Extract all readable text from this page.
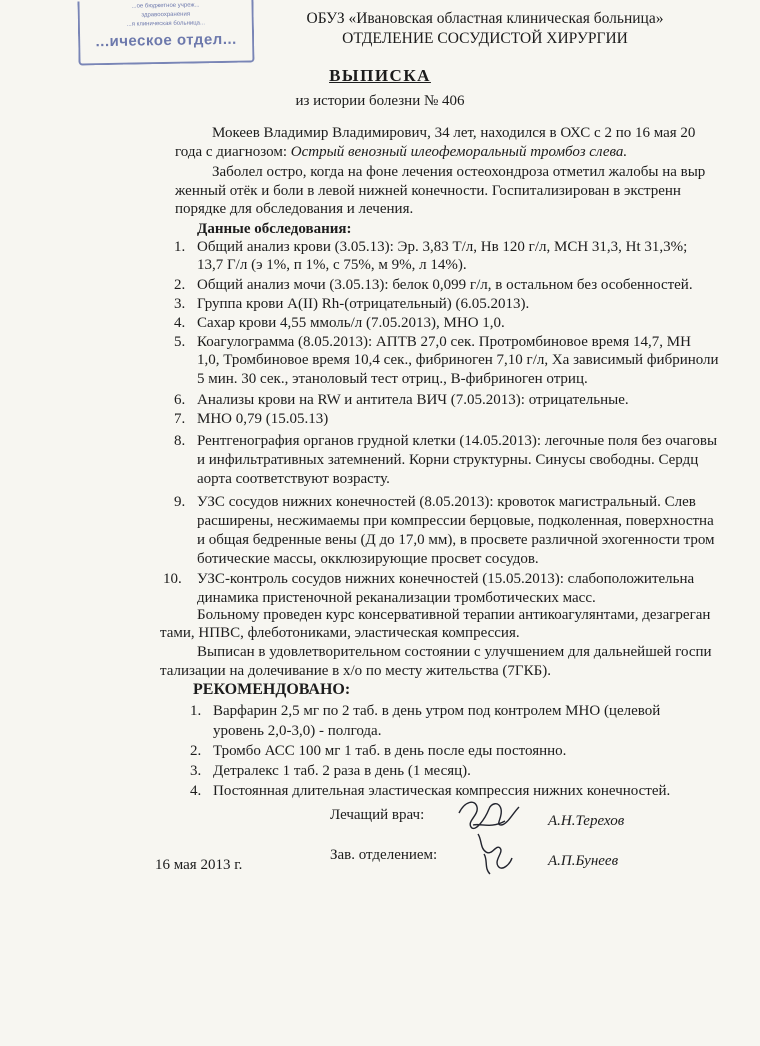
...ое бюджетное учреж...
здравоохранения
...я клиническая больница...
...ическое отдел...
ОБУЗ «Ивановская областная клиническая больница»
ОТДЕЛЕНИЕ СОСУДИСТОЙ ХИРУРГИИ
ВЫПИСКА
из истории болезни № 406
Мокеев Владимир Владимирович, 34 лет, находился в ОХС с 2 по 16 мая 20
года с диагнозом: Острый венозный илеофеморальный тромбоз слева.
Заболел остро, когда на фоне лечения остеохондроза отметил жалобы на выр
женный отёк и боли в левой нижней конечности. Госпитализирован в экстренн
порядке для обследования и лечения.
Данные обследования:
1. Общий анализ крови (3.05.13): Эр. 3,83 Т/л, Нв 120 г/л, MCH 31,3, Ht 31,3%;
13,7 Г/л (э 1%, п 1%, с 75%, м 9%, л 14%).
2. Общий анализ мочи (3.05.13): белок 0,099 г/л, в остальном без особенностей.
3. Группа крови A(II) Rh-(отрицательный) (6.05.2013).
4. Сахар крови 4,55 ммоль/л (7.05.2013), МНО 1,0.
5. Коагулограмма (8.05.2013): АПТВ 27,0 сек. Протромбиновое время 14,7, МН
1,0, Тромбиновое время 10,4 сек., фибриноген 7,10 г/л, Ха зависимый фибриноли
5 мин. 30 сек., этаноловый тест отриц., В-фибриноген отриц.
6. Анализы крови на RW и антитела ВИЧ (7.05.2013): отрицательные.
7. МНО 0,79 (15.05.13)
8. Рентгенография органов грудной клетки (14.05.2013): легочные поля без очаговы
и инфильтративных затемнений. Корни структурны. Синусы свободны. Сердц
аорта соответствуют возрасту.
9. УЗС сосудов нижних конечностей (8.05.2013): кровоток магистральный. Слев
расширены, несжимаемы при компрессии берцовые, подколенная, поверхностна
и общая бедренные вены (Д до 17,0 мм), в просвете различной эхогенности тром
ботические массы, окклюзирующие просвет сосудов.
10. УЗС-контроль сосудов нижних конечностей (15.05.2013): слабоположительна
динамика пристеночной реканализации тромботических масс.
Больному проведен курс консервативной терапии антикоагулянтами, дезагреган
тами, НПВС, флеботониками, эластическая компрессия.
Выписан в удовлетворительном состоянии с улучшением для дальнейшей госпи
тализации на долечивание в х/о по месту жительства (7ГКБ).
РЕКОМЕНДОВАНО:
1. Варфарин 2,5 мг по 2 таб. в день утром под контролем МНО (целевой
уровень 2,0-3,0) - полгода.
2. Тромбо АСС 100 мг 1 таб. в день после еды постоянно.
3. Детралекс 1 таб. 2 раза в день (1 месяц).
4. Постоянная длительная эластическая компрессия нижних конечностей.
Лечащий врач:	А.Н.Терехов
Зав. отделением:	А.П.Бунеев
16 мая 2013 г.
